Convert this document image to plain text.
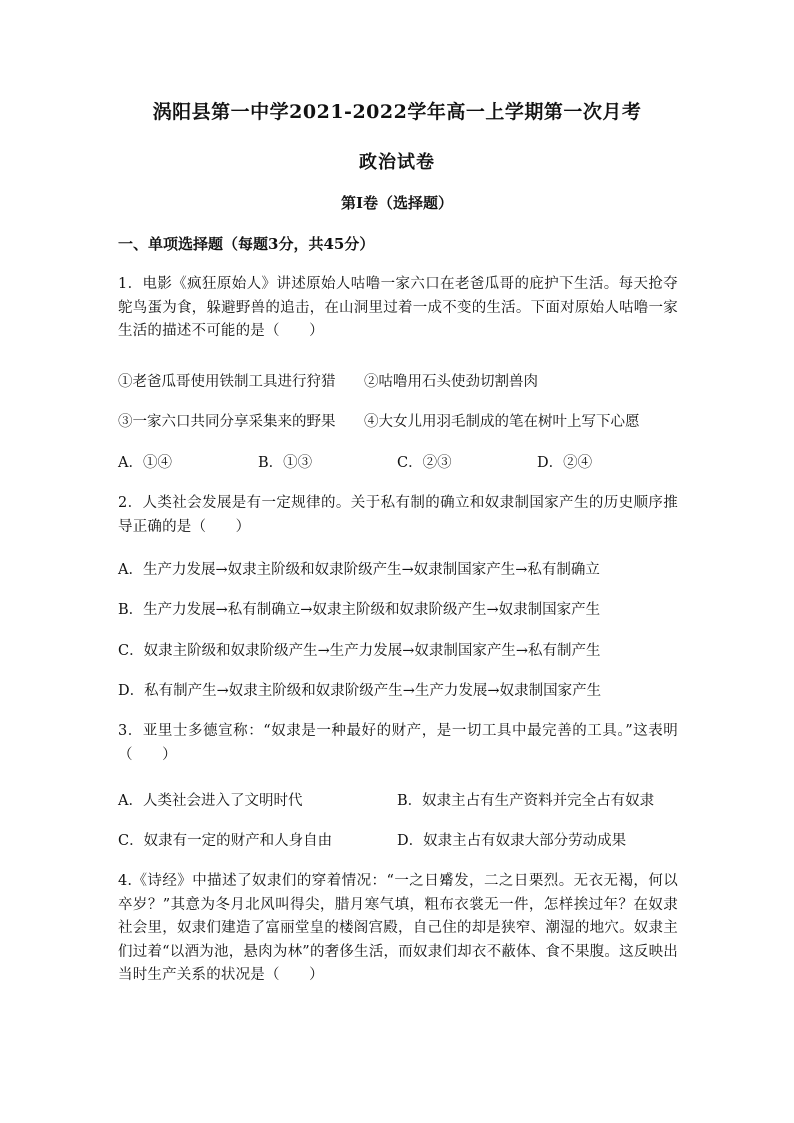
涡阳县第一中学2021-2022学年高一上学期第一次月考
政治试卷
第Ⅰ卷（选择题）

一、单项选择题（每题3分，共45分）

1．电影《疯狂原始人》讲述原始人咕噜一家六口在老爸瓜哥的庇护下生活。每天抢夺鸵鸟蛋为食，躲避野兽的追击，在山洞里过着一成不变的生活。下面对原始人咕噜一家生活的描述不可能的是（　　）

①老爸瓜哥使用铁制工具进行狩猎 ②咕噜用石头使劲切割兽肉

③一家六口共同分享采集来的野果 ④大女儿用羽毛制成的笔在树叶上写下心愿

A．①④	B．①③	C．②③	D．②④

2．人类社会发展是有一定规律的。关于私有制的确立和奴隶制国家产生的历史顺序推导正确的是（　　）

A．生产力发展→奴隶主阶级和奴隶阶级产生→奴隶制国家产生→私有制确立

B．生产力发展→私有制确立→奴隶主阶级和奴隶阶级产生→奴隶制国家产生

C．奴隶主阶级和奴隶阶级产生→生产力发展→奴隶制国家产生→私有制产生

D．私有制产生→奴隶主阶级和奴隶阶级产生→生产力发展→奴隶制国家产生

3．亚里士多德宣称：“奴隶是一种最好的财产，是一切工具中最完善的工具。”这表明（　　）

A．人类社会进入了文明时代	B．奴隶主占有生产资料并完全占有奴隶

C．奴隶有一定的财产和人身自由	D．奴隶主占有奴隶大部分劳动成果

4.《诗经》中描述了奴隶们的穿着情况：“一之日觱发，二之日栗烈。无衣无褐，何以卒岁？”其意为冬月北风叫得尖，腊月寒气填，粗布衣裳无一件，怎样挨过年？在奴隶社会里，奴隶们建造了富丽堂皇的楼阁宫殿，自己住的却是狭窄、潮湿的地穴。奴隶主们过着“以酒为池，悬肉为林”的奢侈生活，而奴隶们却衣不蔽体、食不果腹。这反映出当时生产关系的状况是（　　）
